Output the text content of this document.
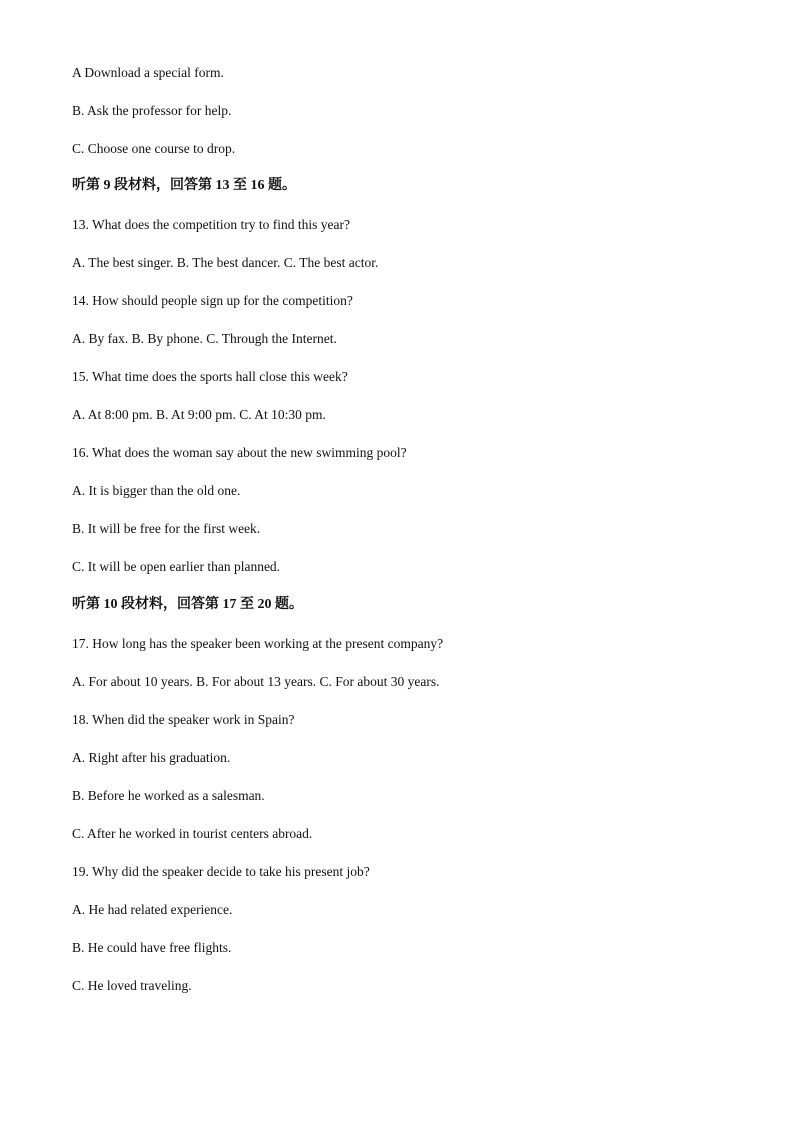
A Download a special form.
B. Ask the professor for help.
C. Choose one course to drop.
听第 9 段材料，回答第 13 至 16 题。
13. What does the competition try to find this year?
A. The best singer. B. The best dancer. C. The best actor.
14. How should people sign up for the competition?
A. By fax. B. By phone. C. Through the Internet.
15. What time does the sports hall close this week?
A. At 8:00 pm. B. At 9:00 pm. C. At 10:30 pm.
16. What does the woman say about the new swimming pool?
A. It is bigger than the old one.
B. It will be free for the first week.
C. It will be open earlier than planned.
听第 10 段材料，回答第 17 至 20 题。
17. How long has the speaker been working at the present company?
A. For about 10 years. B. For about 13 years. C. For about 30 years.
18. When did the speaker work in Spain?
A. Right after his graduation.
B. Before he worked as a salesman.
C. After he worked in tourist centers abroad.
19. Why did the speaker decide to take his present job?
A. He had related experience.
B. He could have free flights.
C. He loved traveling.
